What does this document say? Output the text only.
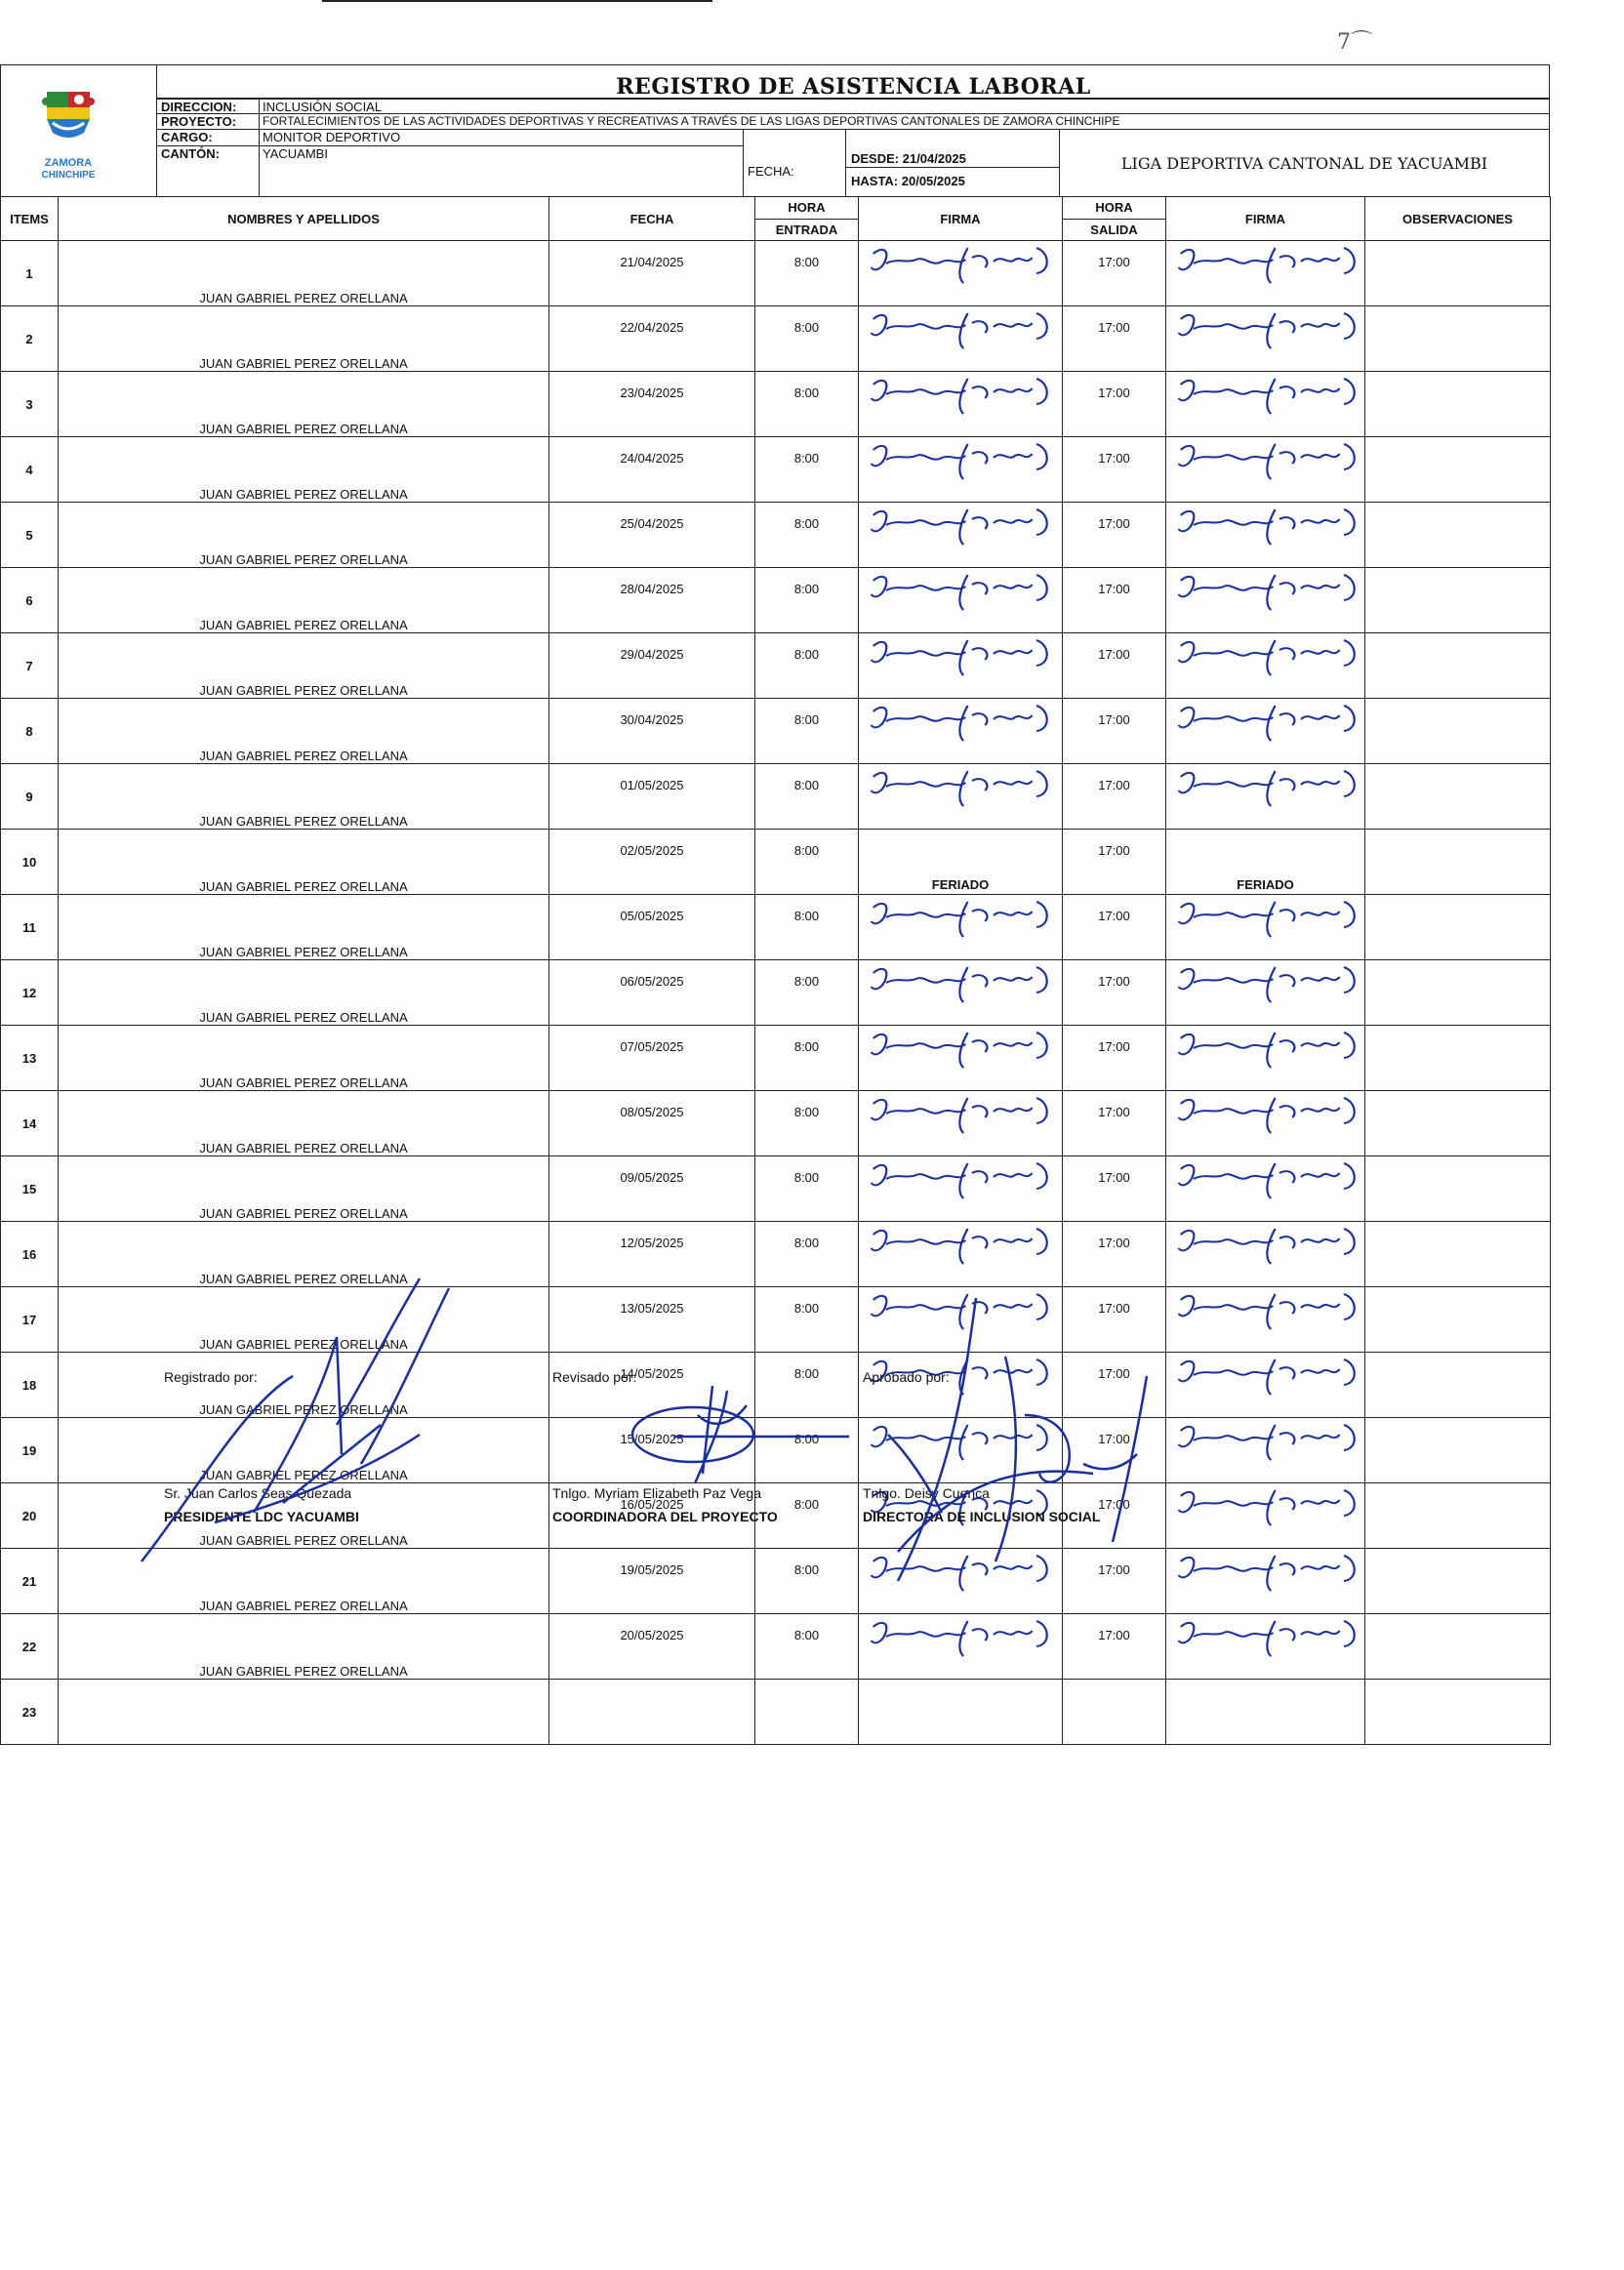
7⌒
ZAMORA
CHINCHIPE
REGISTRO DE ASISTENCIA LABORAL
DIRECCION: INCLUSIÓN SOCIAL
PROYECTO: FORTALECIMIENTOS DE LAS ACTIVIDADES DEPORTIVAS Y RECREATIVAS A TRAVÉS DE LAS LIGAS DEPORTIVAS CANTONALES DE ZAMORA CHINCHIPE
CARGO:	MONITOR DEPORTIVO
CANTÓN:	YACUAMBI
FECHA:
DESDE: 21/04/2025
HASTA: 20/05/2025
LIGA DEPORTIVA CANTONAL DE YACUAMBI
ITEMS	NOMBRES Y APELLIDOS	FECHA	HORA
ENTRADA	FIRMA	HORA
SALIDA	FIRMA	OBSERVACIONES
1	JUAN GABRIEL PEREZ ORELLANA	21/04/2025	8:00		17:00	

2	JUAN GABRIEL PEREZ ORELLANA	22/04/2025	8:00		17:00	

3	JUAN GABRIEL PEREZ ORELLANA	23/04/2025	8:00		17:00	

4	JUAN GABRIEL PEREZ ORELLANA	24/04/2025	8:00		17:00	

5	JUAN GABRIEL PEREZ ORELLANA	25/04/2025	8:00		17:00	

6	JUAN GABRIEL PEREZ ORELLANA	28/04/2025	8:00		17:00	

7	JUAN GABRIEL PEREZ ORELLANA	29/04/2025	8:00		17:00	

8	JUAN GABRIEL PEREZ ORELLANA	30/04/2025	8:00		17:00	

9	JUAN GABRIEL PEREZ ORELLANA	01/05/2025	8:00		17:00	

10	JUAN GABRIEL PEREZ ORELLANA	02/05/2025	8:00	FERIADO	17:00	FERIADO	
11	JUAN GABRIEL PEREZ ORELLANA	05/05/2025	8:00		17:00	

12	JUAN GABRIEL PEREZ ORELLANA	06/05/2025	8:00		17:00	

13	JUAN GABRIEL PEREZ ORELLANA	07/05/2025	8:00		17:00	

14	JUAN GABRIEL PEREZ ORELLANA	08/05/2025	8:00		17:00	

15	JUAN GABRIEL PEREZ ORELLANA	09/05/2025	8:00		17:00	

16	JUAN GABRIEL PEREZ ORELLANA	12/05/2025	8:00		17:00	

17	JUAN GABRIEL PEREZ ORELLANA	13/05/2025	8:00		17:00	

18	JUAN GABRIEL PEREZ ORELLANA	14/05/2025	8:00		17:00	

19	JUAN GABRIEL PEREZ ORELLANA	15/05/2025	8:00		17:00	

20	JUAN GABRIEL PEREZ ORELLANA	16/05/2025	8:00		17:00	

21	JUAN GABRIEL PEREZ ORELLANA	19/05/2025	8:00		17:00	

22	JUAN GABRIEL PEREZ ORELLANA	20/05/2025	8:00		17:00	

23							
Registrado por:
Sr. Juan Carlos Seas Quezada
PRESIDENTE LDC YACUAMBI
Revisado por:
Tnlgo. Myriam Elizabeth Paz Vega
COORDINADORA DEL PROYECTO
Aprobado por:
Tnlgo. Deisy Cuenca
DIRECTORA DE INCLUSION SOCIAL
